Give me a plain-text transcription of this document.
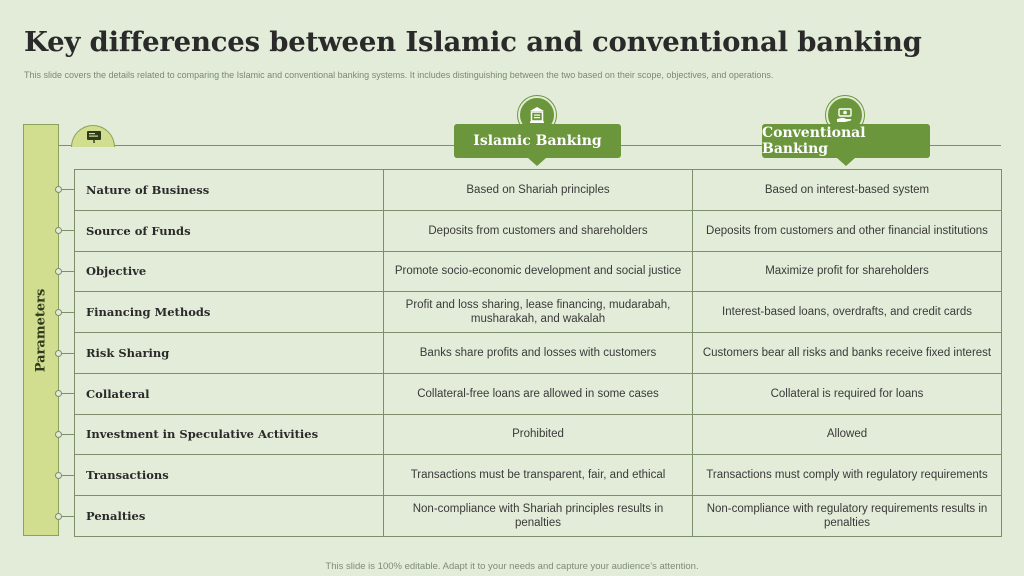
Key differences between Islamic and conventional banking
This slide covers the details related to comparing the Islamic and conventional banking systems. It includes distinguishing between the two based on their scope, objectives, and operations.
Parameters
Islamic Banking	Conventional Banking
Nature of Business	Based on Shariah principles	Based on interest-based system
Source of Funds	Deposits from customers and shareholders	Deposits from customers and other financial institutions
Objective	Promote socio-economic development and social justice	Maximize profit for shareholders
Financing Methods	Profit and loss sharing, lease financing, mudarabah, musharakah, and wakalah	Interest-based loans, overdrafts, and credit cards
Risk Sharing	Banks share profits and losses with customers	Customers bear all risks and banks receive fixed interest
Collateral	Collateral-free loans are allowed in some cases	Collateral is required for loans
Investment in Speculative Activities	Prohibited	Allowed
Transactions	Transactions must be transparent, fair, and ethical	Transactions must comply with regulatory requirements
Penalties	Non-compliance with Shariah principles results in penalties	Non-compliance with regulatory requirements results in penalties
This slide is 100% editable. Adapt it to your needs and capture your audience’s attention.
